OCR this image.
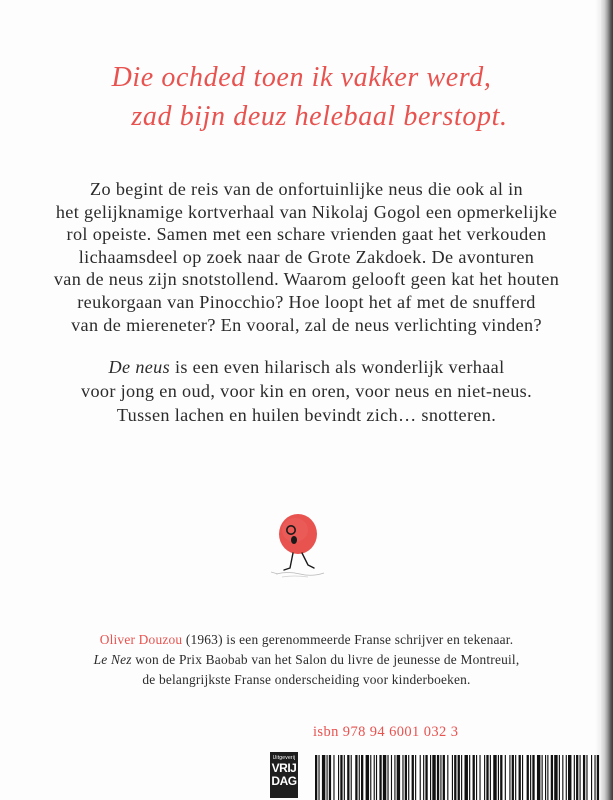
Die ochded toen ik vakker werd,
zad bijn deuz helebaal berstopt.
Zo begint de reis van de onfortuinlijke neus die ook al in
het gelijknamige kortverhaal van Nikolaj Gogol een opmerkelijke
rol opeiste. Samen met een schare vrienden gaat het verkouden
lichaamsdeel op zoek naar de Grote Zakdoek. De avonturen
van de neus zijn snotstollend. Waarom gelooft geen kat het houten
reukorgaan van Pinocchio? Hoe loopt het af met de snufferd
van de miereneter? En vooral, zal de neus verlichting vinden?
De neus is een even hilarisch als wonderlijk verhaal
voor jong en oud, voor kin en oren, voor neus en niet-neus.
Tussen lachen en huilen bevindt zich… snotteren.
Oliver Douzou (1963) is een gerenommeerde Franse schrijver en tekenaar.
Le Nez won de Prix Baobab van het Salon du livre de jeunesse de Montreuil,
de belangrijkste Franse onderscheiding voor kinderboeken.
isbn 978 94 6001 032 3
Uitgeverij
VRIJ
DAG
